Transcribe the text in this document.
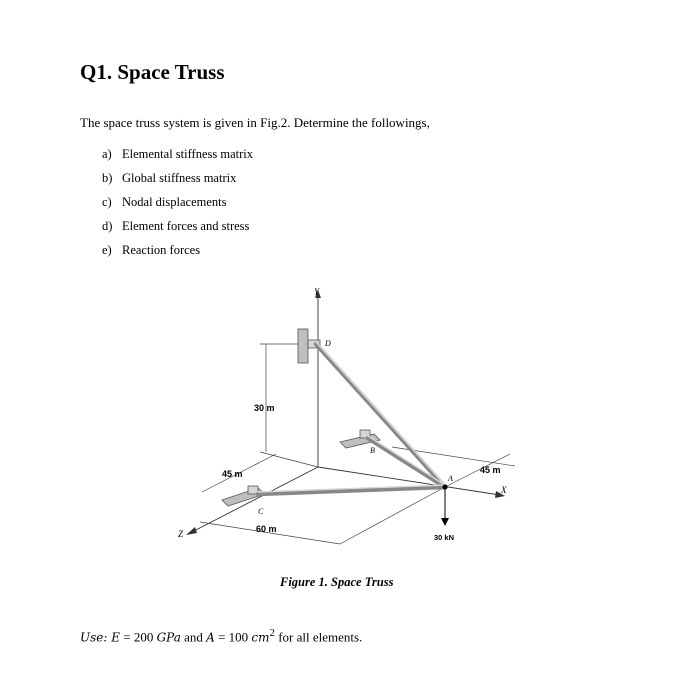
Q1. Space Truss
The space truss system is given in Fig.2. Determine the followings,
a) Elemental stiffness matrix
b) Global stiffness matrix
c) Nodal displacements
d) Element forces and stress
e) Reaction forces
Y
X
Z
D
B
A
C
30 m
45 m
60 m
45 m
30 kN
Figure 1. Space Truss
Use: E = 200 GPa and A = 100 $cm^2$ for all elements.
